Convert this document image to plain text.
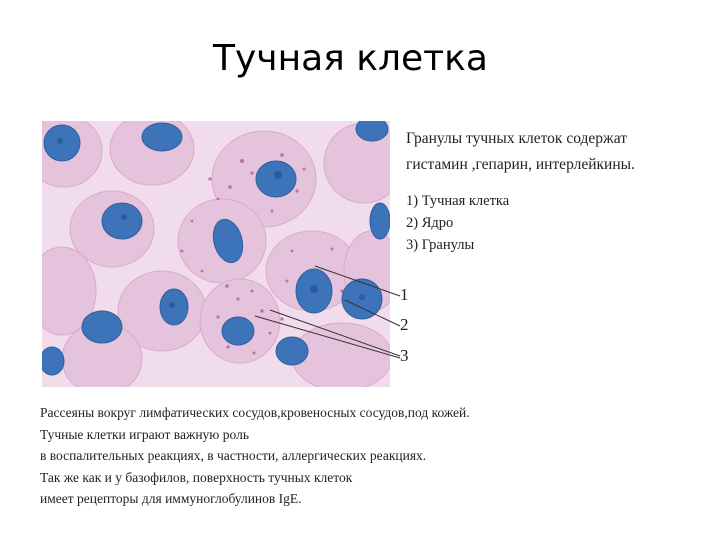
Тучная клетка
Гранулы тучных клеток содержат
гистамин ,гепарин, интерлейкины.
1) Тучная клетка
2) Ядро
3) Гранулы
1
2
3
Рассеяны вокруг лимфатических сосудов,кровеносных сосудов,под кожей.
Тучные клетки играют важную роль
в воспалительных реакциях, в частности, аллергических реакциях.
Так же как и у базофилов, поверхность тучных клеток
имеет рецепторы для иммуноглобулинов IgE.
